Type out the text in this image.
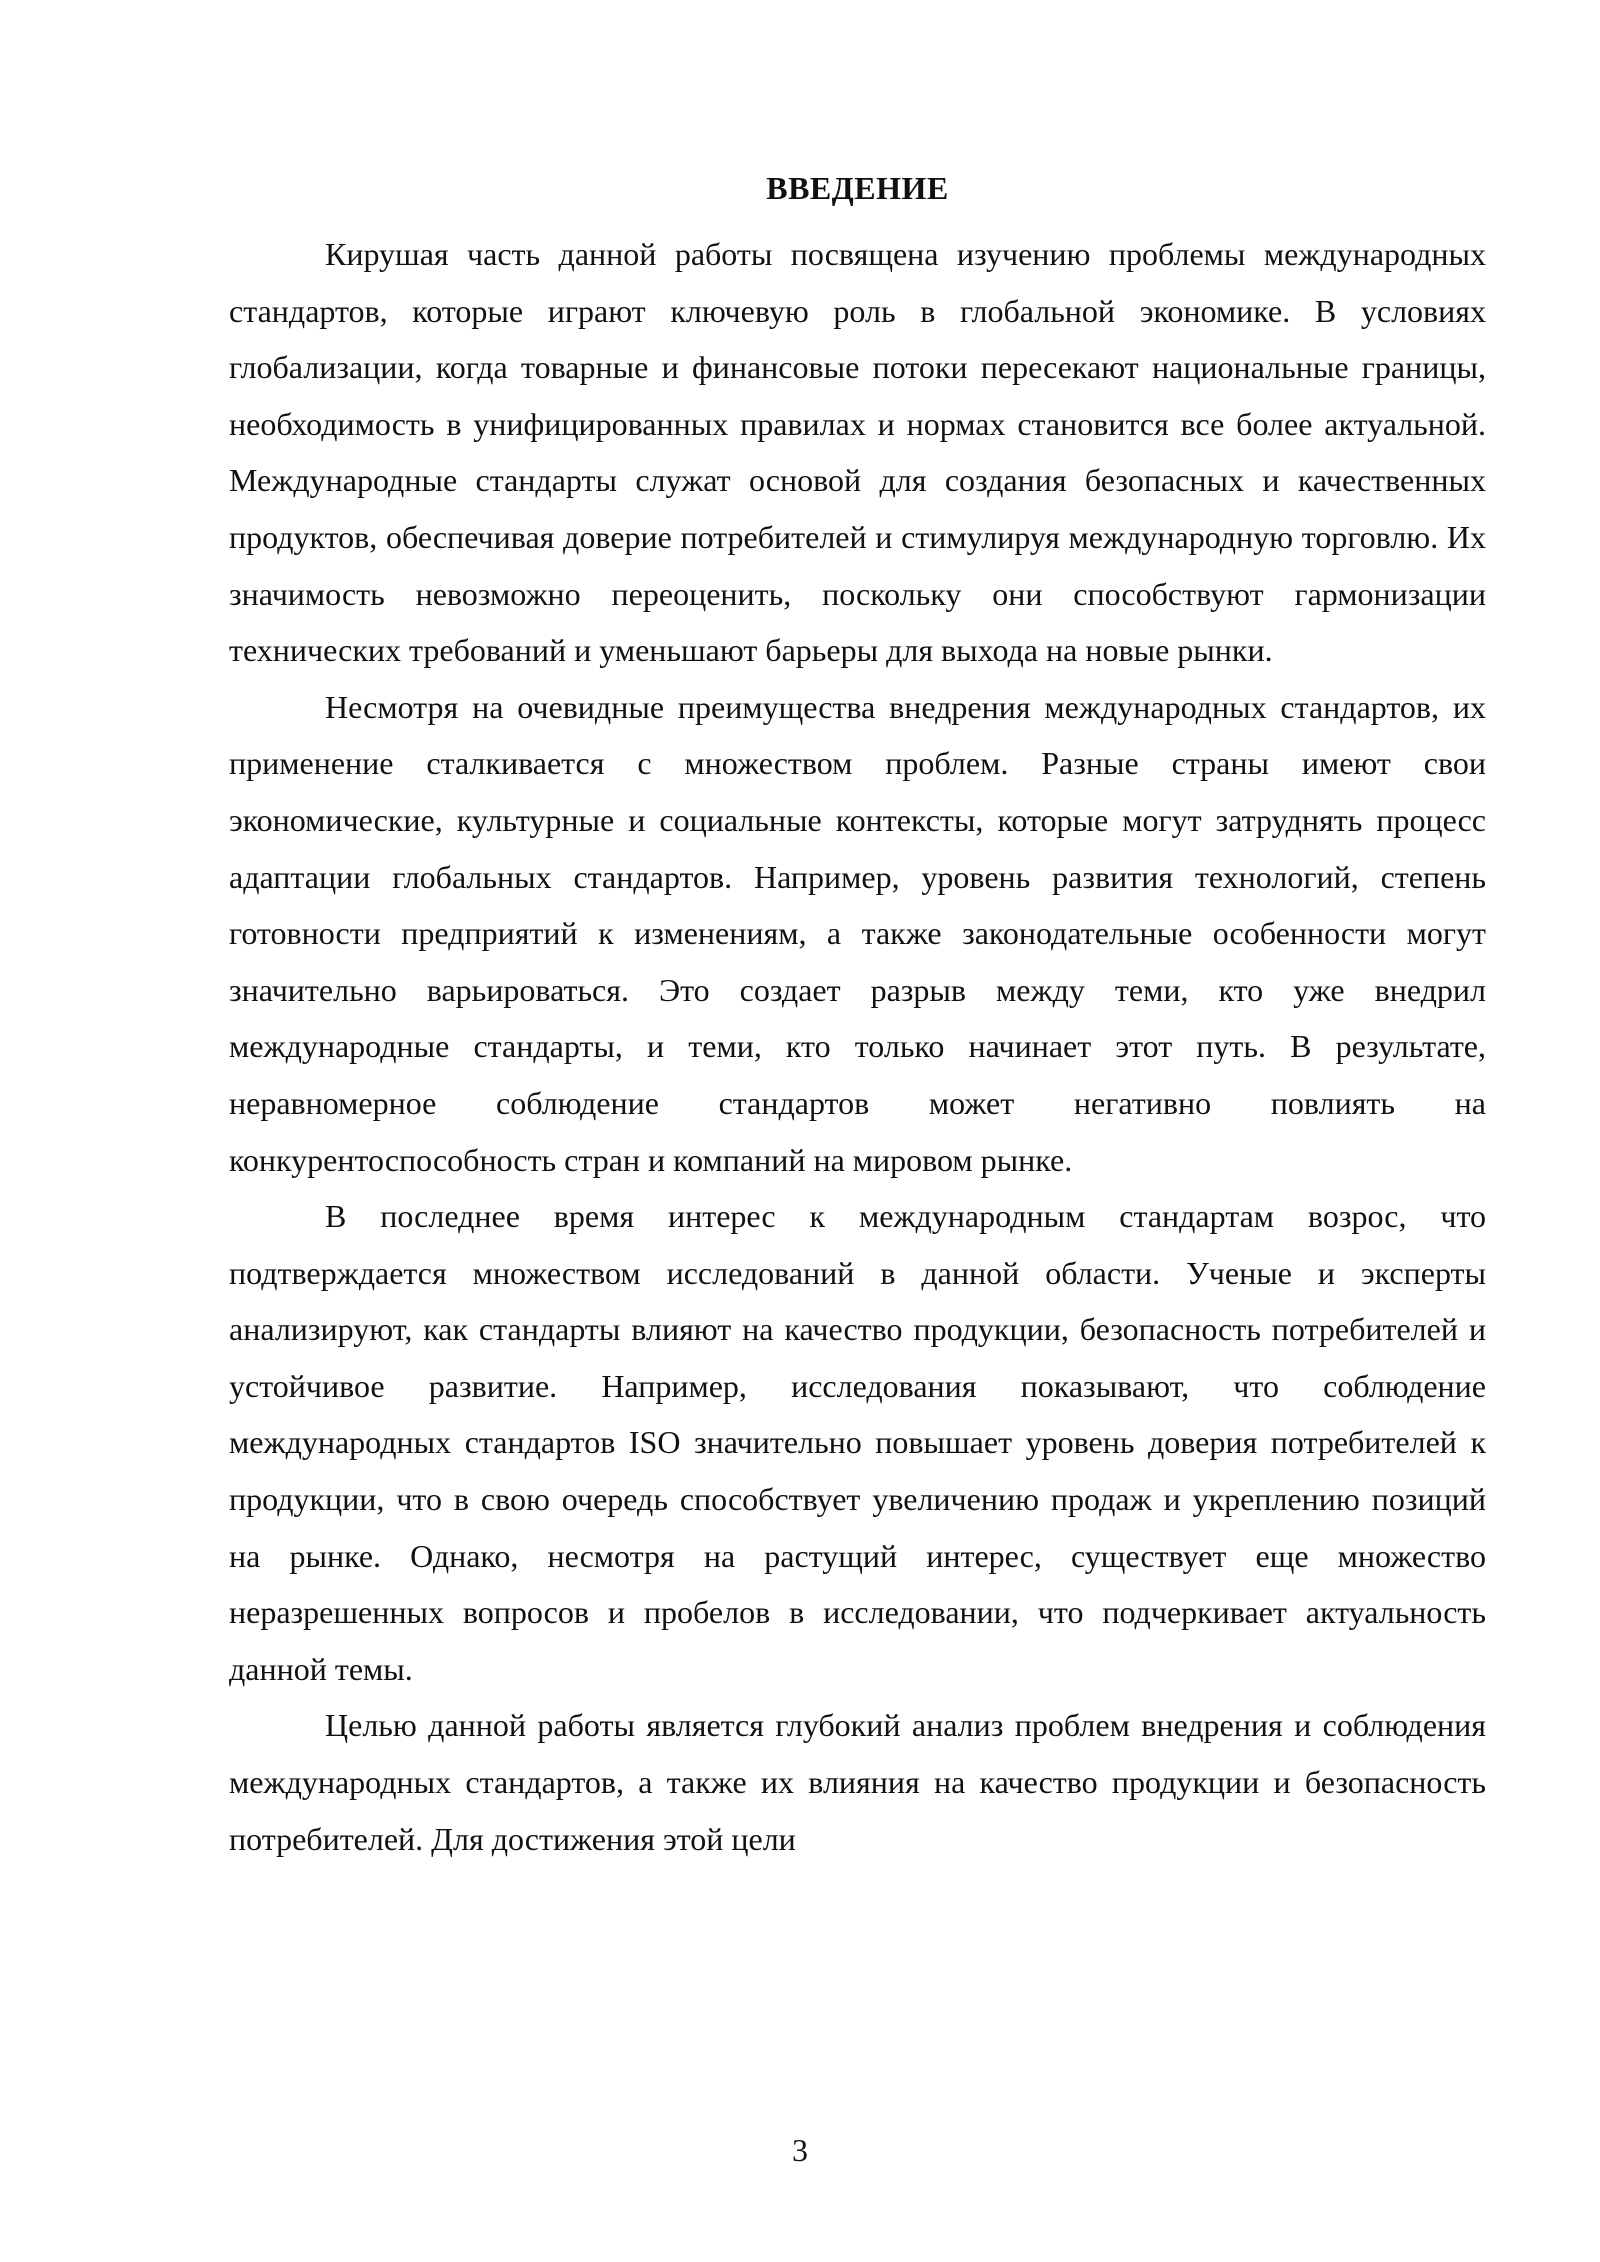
ВВЕДЕНИЕ

Кирушая часть данной работы посвящена изучению проблемы международных стандартов, которые играют ключевую роль в глобальной экономике. В условиях глобализации, когда товарные и финансовые потоки пересекают национальные границы, необходимость в унифицированных правилах и нормах становится все более актуальной. Международные стандарты служат основой для создания безопасных и качественных продуктов, обеспечивая доверие потребителей и стимулируя международную торговлю. Их значимость невозможно переоценить, поскольку они способствуют гармонизации технических требований и уменьшают барьеры для выхода на новые рынки.

Несмотря на очевидные преимущества внедрения международных стандартов, их применение сталкивается с множеством проблем. Разные страны имеют свои экономические, культурные и социальные контексты, которые могут затруднять процесс адаптации глобальных стандартов. Например, уровень развития технологий, степень готовности предприятий к изменениям, а также законодательные особенности могут значительно варьироваться. Это создает разрыв между теми, кто уже внедрил международные стандарты, и теми, кто только начинает этот путь. В результате, неравномерное соблюдение стандартов может негативно повлиять на конкурентоспособность стран и компаний на мировом рынке.

В последнее время интерес к международным стандартам возрос, что подтверждается множеством исследований в данной области. Ученые и эксперты анализируют, как стандарты влияют на качество продукции, безопасность потребителей и устойчивое развитие. Например, исследования показывают, что соблюдение международных стандартов ISO значительно повышает уровень доверия потребителей к продукции, что в свою очередь способствует увеличению продаж и укреплению позиций на рынке. Однако, несмотря на растущий интерес, существует еще множество неразрешенных вопросов и пробелов в исследовании, что подчеркивает актуальность данной темы.

Целью данной работы является глубокий анализ проблем внедрения и соблюдения международных стандартов, а также их влияния на качество продукции и безопасность потребителей. Для достижения этой цели

3
